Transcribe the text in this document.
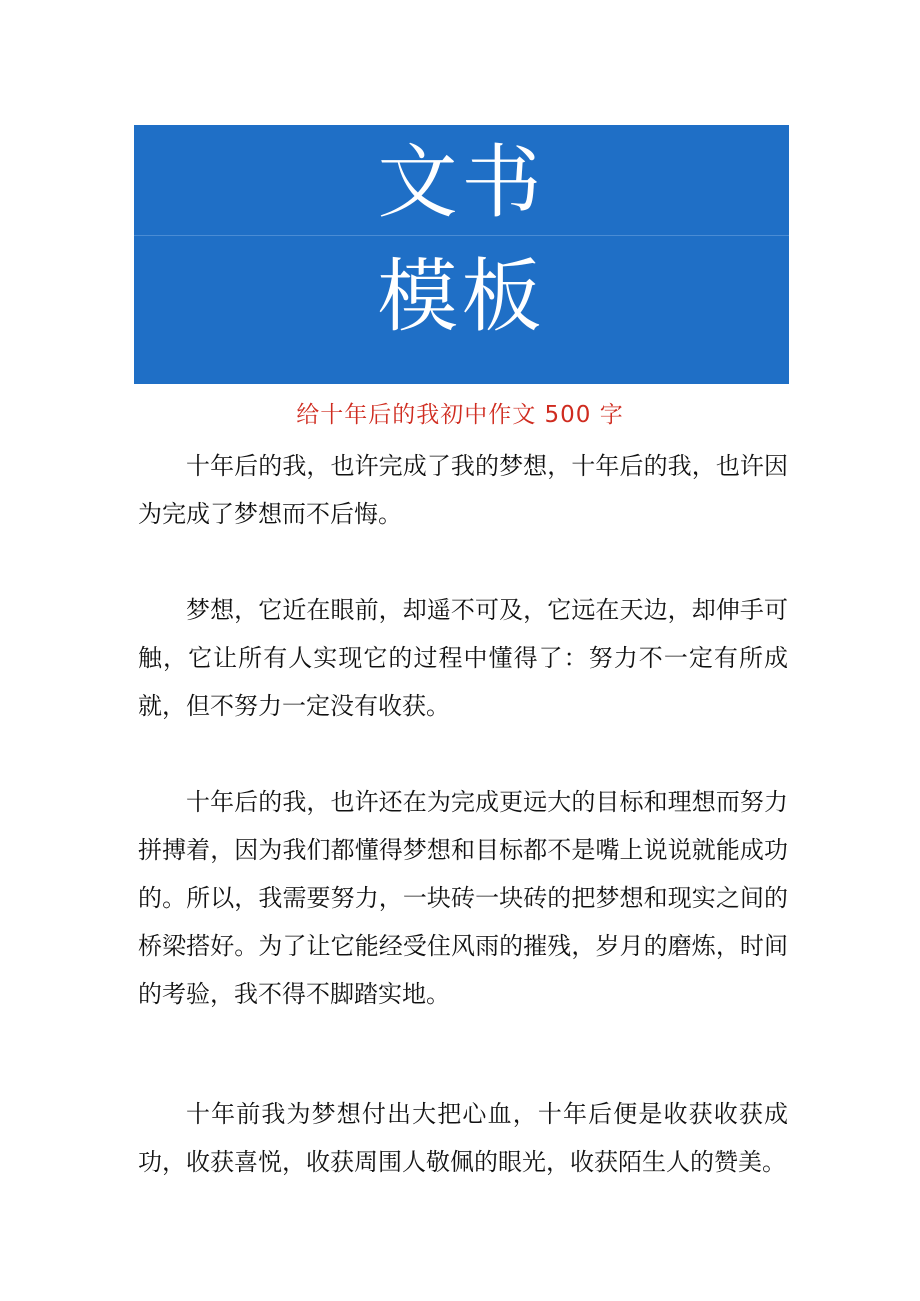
文书
模板
给十年后的我初中作文 500 字

十年后的我，也许完成了我的梦想，十年后的我，也许因为完成了梦想而不后悔。

梦想，它近在眼前，却遥不可及，它远在天边，却伸手可触，它让所有人实现它的过程中懂得了：努力不一定有所成就，但不努力一定没有收获。

十年后的我，也许还在为完成更远大的目标和理想而努力拼搏着，因为我们都懂得梦想和目标都不是嘴上说说就能成功的。所以，我需要努力，一块砖一块砖的把梦想和现实之间的桥梁搭好。为了让它能经受住风雨的摧残，岁月的磨炼，时间的考验，我不得不脚踏实地。

十年前我为梦想付出大把心血，十年后便是收获收获成功，收获喜悦，收获周围人敬佩的眼光，收获陌生人的赞美。
